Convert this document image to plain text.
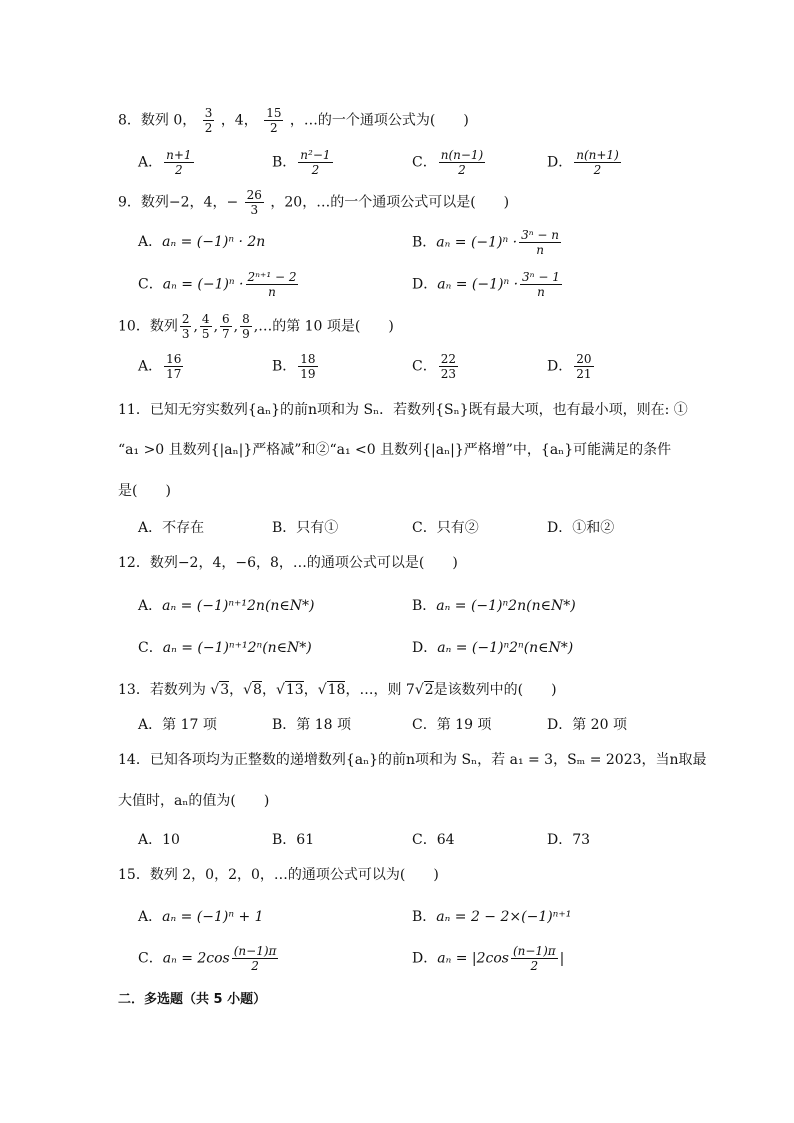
8．数列 0， $\frac{3}{2}$ ，4， $\frac{15}{2}$ ，…的一个通项公式为(　　)
A． $\frac{n+1}{2}$	B． $\frac{\text{n²−1}}{2}$	C． $\frac{n(n-1)}{2}$	D． $\frac{n(n+1)}{2}$
9．数列−2，4，− $\frac{26}{3}$ ，20，…的一个通项公式可以是(　　)
A．aₙ = (−1)ⁿ · 2n	B．$a_n = (-1)^n \cdot \frac{\text{3ⁿ − n}}{n}$
C．$a_n = (-1)^n \cdot \frac{\text{2ⁿ⁺¹ − 2}}{n}$	D．$a_n = (-1)^n \cdot \frac{\text{3ⁿ − 1}}{n}$
10．数列 $\frac{2}{3}$ , $\frac{4}{5}$ , $\frac{6}{7}$ , $\frac{8}{9}$ ,…的第 10 项是(　　)
A． $\frac{16}{17}$	B． $\frac{18}{19}$	C． $\frac{22}{23}$	D． $\frac{20}{21}$
11．已知无穷实数列{aₙ}的前n项和为 Sₙ．若数列{Sₙ}既有最大项，也有最小项，则在: ①
“a₁ >0 且数列{|aₙ|}严格减”和②“a₁ <0 且数列{|aₙ|}严格增”中，{aₙ}可能满足的条件
是(　　)
A．不存在	B．只有①	C．只有②	D．①和②
12．数列−2，4，−6，8，…的通项公式可以是(　　)
A．aₙ = (−1)ⁿ⁺¹2n(n∈N*)	B．aₙ = (−1)ⁿ2n(n∈N*)
C．aₙ = (−1)ⁿ⁺¹2ⁿ(n∈N*)	D．aₙ = (−1)ⁿ2ⁿ(n∈N*)
13．若数列为 √3，√8，√13，√18，…，则 7√2是该数列中的(　　)
A．第 17 项	B．第 18 项	C．第 19 项	D．第 20 项
14．已知各项均为正整数的递增数列{aₙ}的前n项和为 Sₙ，若 a₁ = 3，Sₘ = 2023，当n取最
大值时，aₙ的值为(　　)
A．10	B．61	C．64	D．73
15．数列 2，0，2，0，…的通项公式可以为(　　)
A．aₙ = (−1)ⁿ + 1	B．aₙ = 2 − 2×(−1)ⁿ⁺¹
C．$a_n = 2\cos \frac{(n-1)\pi}{2}$	D．$a_n = |2\cos \frac{(n-1)\pi}{2}$ |
二．多选题（共 5 小题）
